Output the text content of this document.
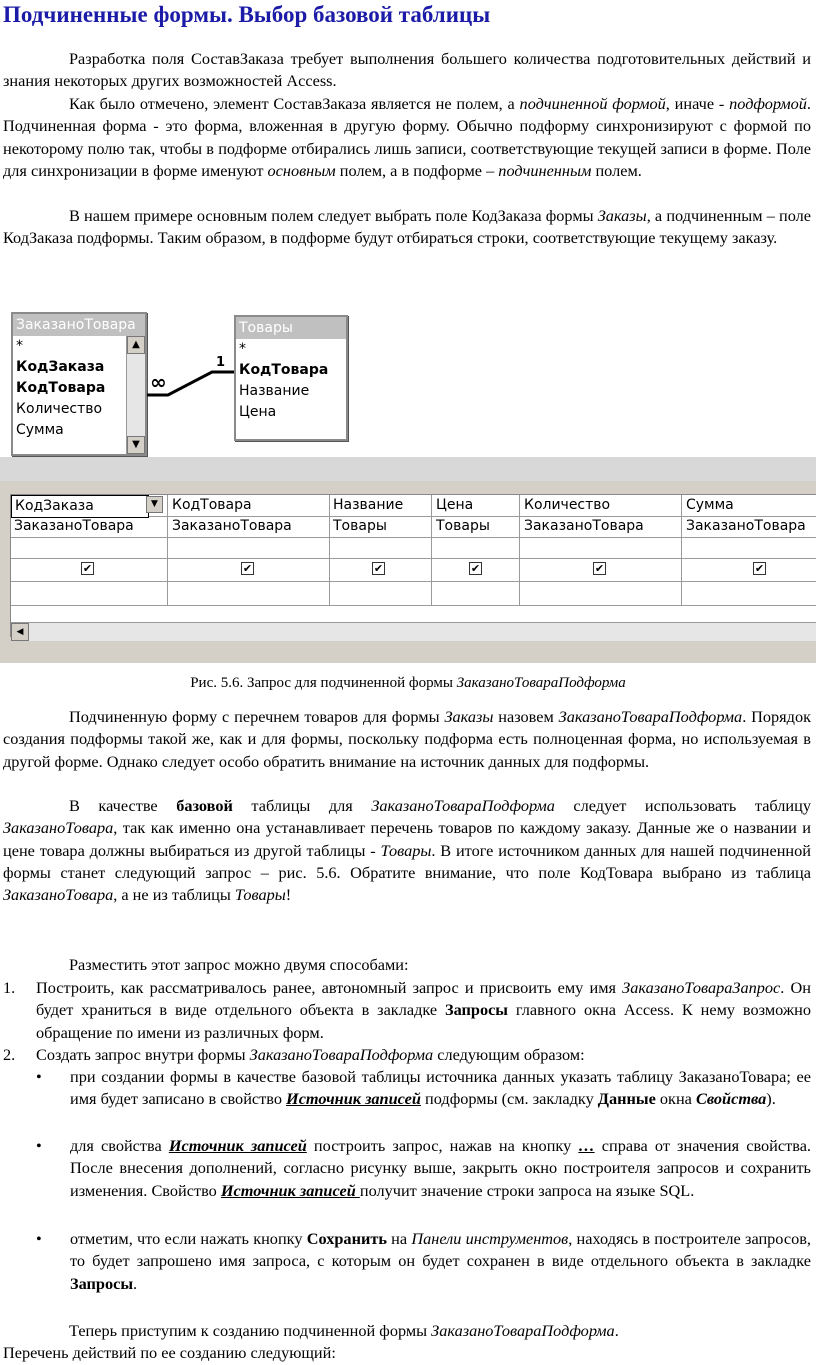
Подчиненные формы. Выбор базовой таблицы

Разработка поля СоставЗаказа требует выполнения большего количества подготовительных действий и знания некоторых других возможностей Access.

Как было отмечено, элемент СоставЗаказа является не полем, а подчиненной формой, иначе - подформой. Подчиненная форма - это форма, вложенная в другую форму. Обычно подформу синхронизируют с формой по некоторому полю так, чтобы в подформе отбирались лишь записи, соответствующие текущей записи в форме. Поле для синхронизации в форме именуют основным полем, а в подформе – подчиненным полем.

В нашем примере основным полем следует выбрать поле КодЗаказа формы Заказы, а подчиненным – поле КодЗаказа подформы. Таким образом, в подформе будут отбираться строки, соответствующие текущему заказу.

ЗаказаноТовара
*
КодЗаказа
КодТовара
Количество
Сумма
▲
▼
Товары
*
КодТовара
Название
Цена
∞
1
КодЗаказа	▼
ЗаказаноТовара
✔
КодТовара
ЗаказаноТовара
✔
Название
Товары
✔
Цена
Товары
✔
Количество
ЗаказаноТовара
✔
Сумма
ЗаказаноТовара
✔
◀

Рис. 5.6. Запрос для подчиненной формы ЗаказаноТовараПодформа

Подчиненную форму с перечнем товаров для формы Заказы назовем ЗаказаноТовараПодформа. Порядок создания подформы такой же, как и для формы, поскольку подформа есть полноценная форма, но используемая в другой форме. Однако следует особо обратить внимание на источник данных для подформы.

В качестве базовой таблицы для ЗаказаноТовараПодформа следует использовать таблицу ЗаказаноТовара, так как именно она устанавливает перечень товаров по каждому заказу. Данные же о названии и цене товара должны выбираться из другой таблицы - Товары. В итоге источником данных для нашей подчиненной формы станет следующий запрос – рис. 5.6. Обратите внимание, что поле КодТовара выбрано из таблица ЗаказаноТовара, а не из таблицы Товары!

Разместить этот запрос можно двумя способами:

1. Построить, как рассматривалось ранее, автономный запрос и присвоить ему имя ЗаказаноТовараЗапрос. Он будет храниться в виде отдельного объекта в закладке Запросы главного окна Access. К нему возможно обращение по имени из различных форм.

2. Создать запрос внутри формы ЗаказаноТовараПодформа следующим образом:

• при создании формы в качестве базовой таблицы источника данных указать таблицу ЗаказаноТовара; ее имя будет записано в свойство Источник записей подформы (см. закладку Данные окна Свойства).

• для свойства Источник записей построить запрос, нажав на кнопку … справа от значения свойства. После внесения дополнений, согласно рисунку выше, закрыть окно построителя запросов и сохранить изменения. Свойство Источник записей получит значение строки запроса на языке SQL.

• отметим, что если нажать кнопку Сохранить на Панели инструментов, находясь в построителе запросов, то будет запрошено имя запроса, с которым он будет сохранен в виде отдельного объекта в закладке Запросы.

Теперь приступим к созданию подчиненной формы ЗаказаноТовараПодформа.

Перечень действий по ее созданию следующий:
